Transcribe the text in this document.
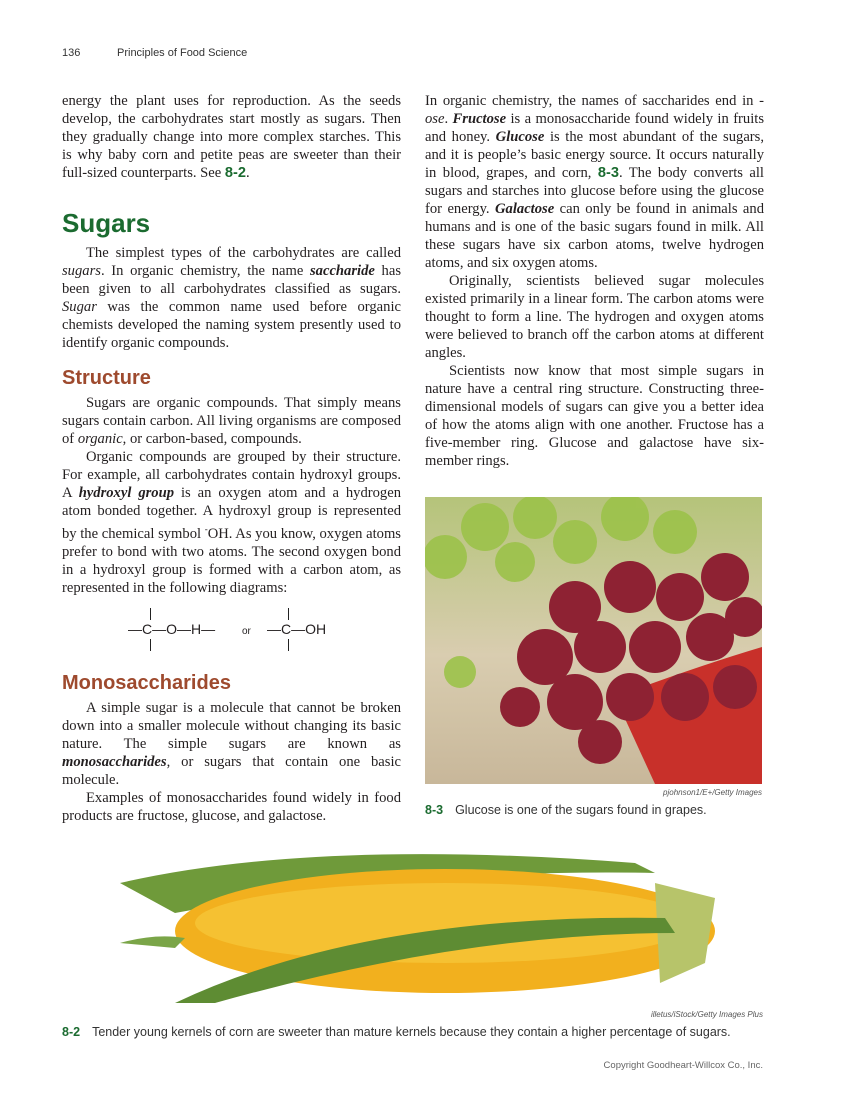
136	Principles of Food Science

energy the plant uses for reproduction. As the seeds develop, the carbohydrates start mostly as sugars. Then they gradually change into more complex starches. This is why baby corn and petite peas are sweeter than their full-sized counterparts. See 8-2.

Sugars

The simplest types of the carbohydrates are called sugars. In organic chemistry, the name saccharide has been given to all carbohydrates classified as sugars. Sugar was the common name used before organic chemists developed the naming system presently used to identify organic compounds.

Structure

Sugars are organic compounds. That simply means sugars contain carbon. All living organisms are composed of organic, or carbon-based, compounds.

Organic compounds are grouped by their structure. For example, all carbohydrates contain hydroxyl groups. A hydroxyl group is an oxygen atom and a hydrogen atom bonded together. A hydroxyl group is represented by the chemical symbol -OH. As you know, oxygen atoms prefer to bond with two atoms. The second oxygen bond in a hydroxyl group is formed with a carbon atom, as represented in the following diagrams:

—C—O—H—	or —C—OH
Monosaccharides

A simple sugar is a molecule that cannot be broken down into a smaller molecule without changing its basic nature. The simple sugars are known as monosaccharides, or sugars that contain one basic molecule.

Examples of monosaccharides found widely in food products are fructose, glucose, and galactose.

In organic chemistry, the names of saccharides end in -ose. Fructose is a monosaccharide found widely in fruits and honey. Glucose is the most abundant of the sugars, and it is people’s basic energy source. It occurs naturally in blood, grapes, and corn, 8-3. The body converts all sugars and starches into glucose before using the glucose for energy. Galactose can only be found in animals and humans and is one of the basic sugars found in milk. All these sugars have six carbon atoms, twelve hydrogen atoms, and six oxygen atoms.

Originally, scientists believed sugar molecules existed primarily in a linear form. The carbon atoms were thought to form a line. The hydrogen and oxygen atoms were believed to branch off the carbon atoms at different angles.

Scientists now know that most simple sugars in nature have a central ring structure. Constructing three-dimensional models of sugars can give you a better idea of how the atoms align with one another. Fructose has a five-member ring. Glucose and galactose have six-member rings.

pjohnson1/E+/Getty Images
8-3 Glucose is one of the sugars found in grapes.
illetus/iStock/Getty Images Plus
8-2 Tender young kernels of corn are sweeter than mature kernels because they contain a higher percentage of sugars.
Copyright Goodheart-Willcox Co., Inc.
